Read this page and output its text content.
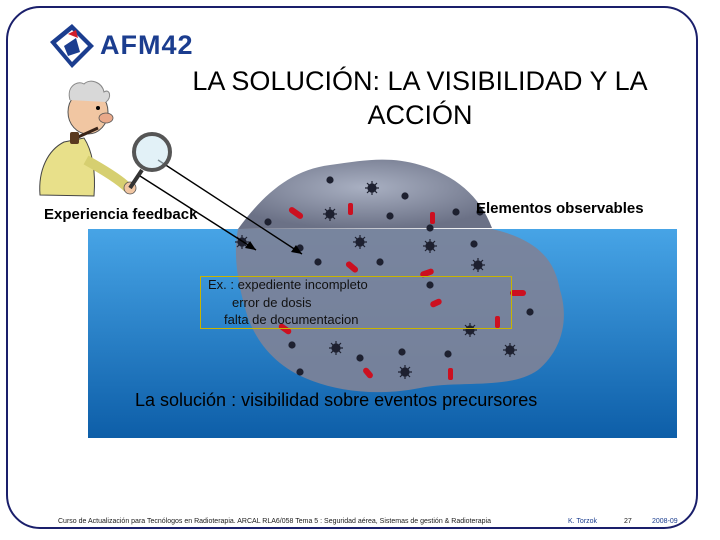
AFM42
LA SOLUCIÓN: LA VISIBILIDAD Y LA
ACCIÓN
Experiencia feedback	Elementos observables
Ex. : expediente incompleto
error de dosis
falta de documentacion
La solución : visibilidad sobre eventos precursores
Curso de Actualización para Tecnólogos en Radioterapia. ARCAL RLA6/058 Tema 5 : Seguridad aérea, Sistemas de gestión & Radioterapia	K. Torzok	27	2008-09
